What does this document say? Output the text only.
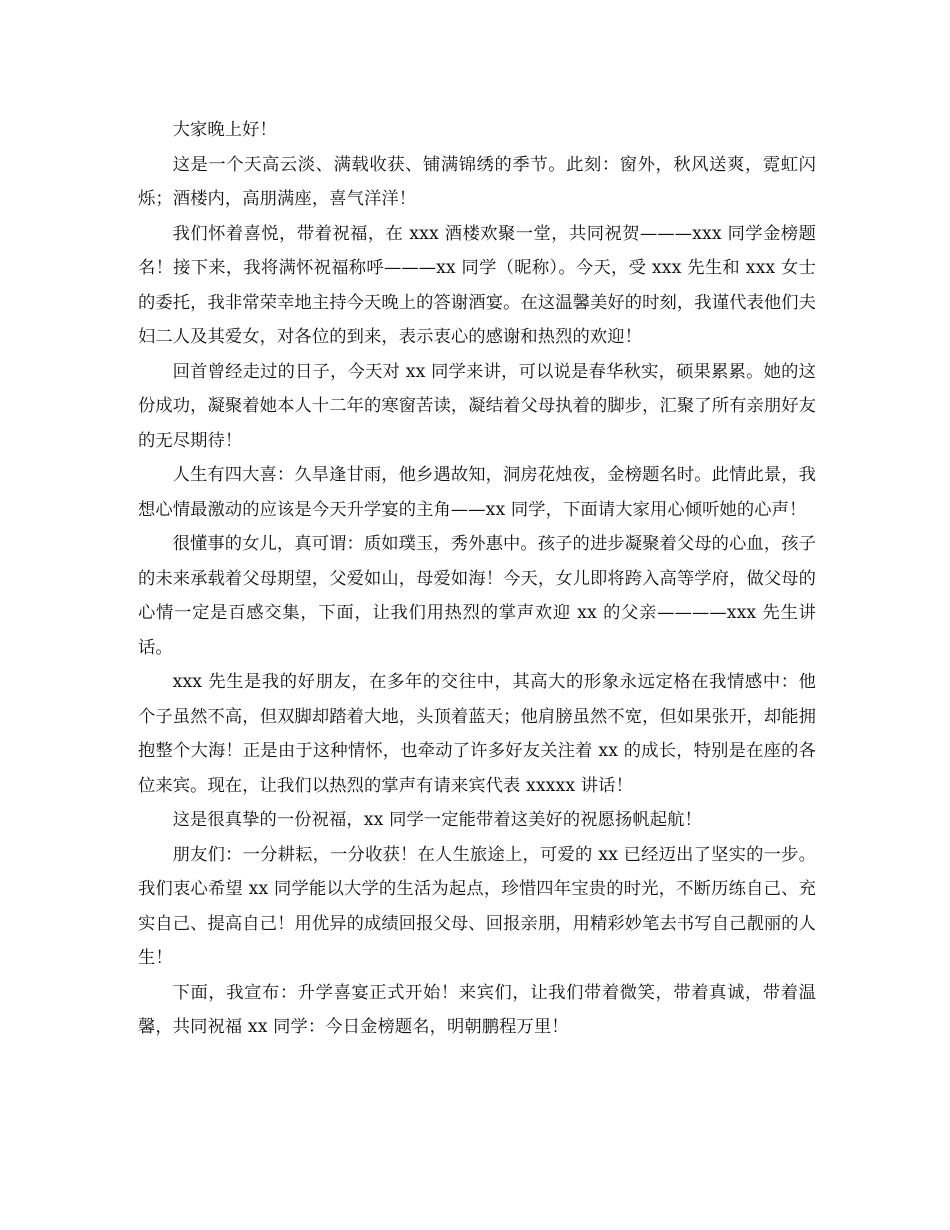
大家晚上好！

这是一个天高云淡、满载收获、铺满锦绣的季节。此刻：窗外，秋风送爽，霓虹闪烁；酒楼内，高朋满座，喜气洋洋！

我们怀着喜悦，带着祝福，在 xxx 酒楼欢聚一堂，共同祝贺———xxx 同学金榜题名！接下来，我将满怀祝福称呼———xx 同学（昵称）。今天，受 xxx 先生和 xxx 女士的委托，我非常荣幸地主持今天晚上的答谢酒宴。在这温馨美好的时刻，我谨代表他们夫妇二人及其爱女，对各位的到来，表示衷心的感谢和热烈的欢迎！

回首曾经走过的日子，今天对 xx 同学来讲，可以说是春华秋实，硕果累累。她的这份成功，凝聚着她本人十二年的寒窗苦读，凝结着父母执着的脚步，汇聚了所有亲朋好友的无尽期待！

人生有四大喜：久旱逢甘雨，他乡遇故知，洞房花烛夜，金榜题名时。此情此景，我想心情最激动的应该是今天升学宴的主角——xx 同学，下面请大家用心倾听她的心声！

很懂事的女儿，真可谓：质如璞玉，秀外惠中。孩子的进步凝聚着父母的心血，孩子的未来承载着父母期望，父爱如山，母爱如海！今天，女儿即将跨入高等学府，做父母的心情一定是百感交集，下面，让我们用热烈的掌声欢迎 xx 的父亲————xxx 先生讲话。

xxx 先生是我的好朋友，在多年的交往中，其高大的形象永远定格在我情感中：他个子虽然不高，但双脚却踏着大地，头顶着蓝天；他肩膀虽然不宽，但如果张开，却能拥抱整个大海！正是由于这种情怀，也牵动了许多好友关注着 xx 的成长，特别是在座的各位来宾。现在，让我们以热烈的掌声有请来宾代表 xxxxx 讲话！

这是很真挚的一份祝福，xx 同学一定能带着这美好的祝愿扬帆起航！

朋友们：一分耕耘，一分收获！在人生旅途上，可爱的 xx 已经迈出了坚实的一步。我们衷心希望 xx 同学能以大学的生活为起点，珍惜四年宝贵的时光，不断历练自己、充实自己、提高自己！用优异的成绩回报父母、回报亲朋，用精彩妙笔去书写自己靓丽的人生！

下面，我宣布：升学喜宴正式开始！来宾们，让我们带着微笑，带着真诚，带着温馨，共同祝福 xx 同学：今日金榜题名，明朝鹏程万里！
